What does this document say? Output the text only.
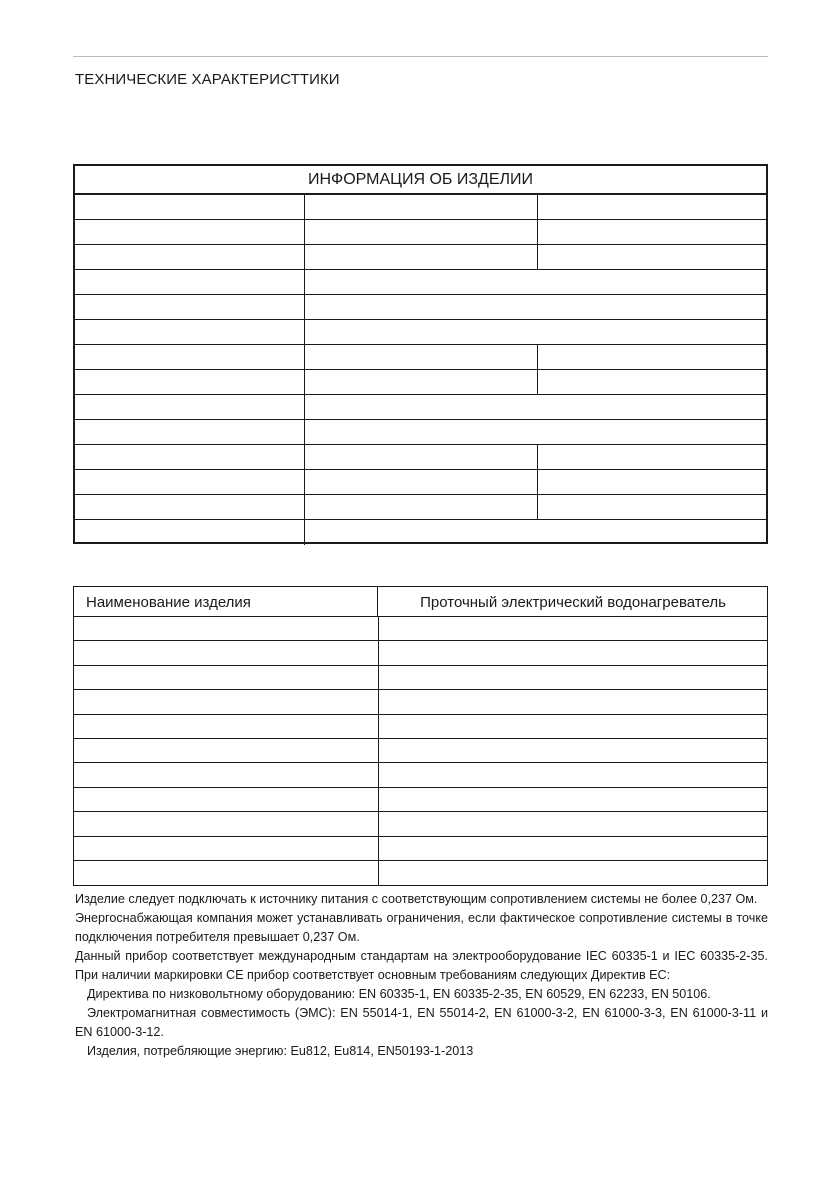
ТЕХНИЧЕСКИЕ ХАРАКТЕРИСТТИКИ
ИНФОРМАЦИЯ ОБ ИЗДЕЛИИ
Наименование изделия	Проточный электрический водонагреватель

Изделие следует подключать к источнику питания с соответствующим сопротивлением системы не более 0,237 Ом.

Энергоснабжающая компания может устанавливать ограничения, если фактическое сопротивление системы в точке подключения потребителя превышает 0,237 Ом.

Данный прибор соответствует международным стандартам на электрооборудование IEC 60335-1 и IEC 60335-2-35. При наличии маркировки СЕ прибор соответствует основным требованиям следующих Директив ЕС:

Директива по низковольтному оборудованию: EN 60335-1, EN 60335-2-35, EN 60529, EN 62233, EN 50106.

Электромагнитная совместимость (ЭМС): EN 55014-1, EN 55014-2, EN 61000-3-2, EN 61000-3-3, EN 61000-3-11 и EN 61000-3-12.

Изделия, потребляющие энергию: Eu812, Eu814, EN50193-1-2013
